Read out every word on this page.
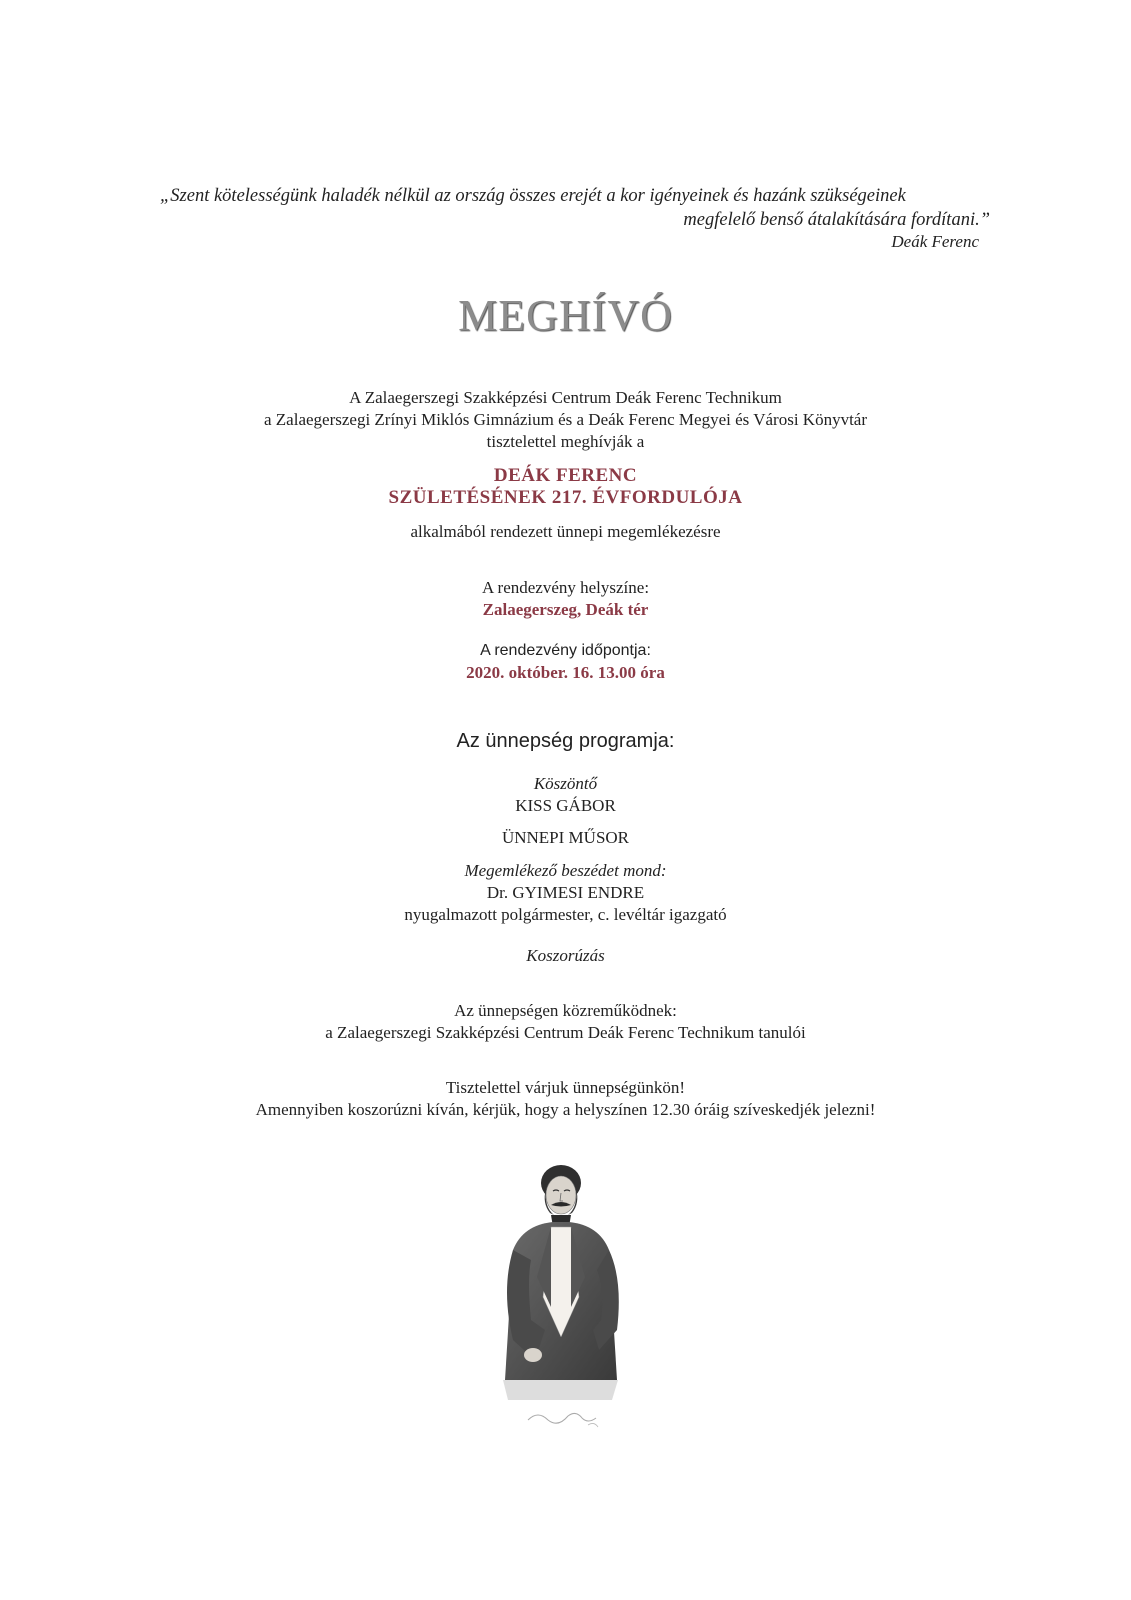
„Szent kötelességünk haladék nélkül az ország összes erejét a kor igényeinek és hazánk szükségeinek
megfelelő benső átalakítására fordítani.”
Deák Ferenc
MEGHÍVÓ
A Zalaegerszegi Szakképzési Centrum Deák Ferenc Technikum
a Zalaegerszegi Zrínyi Miklós Gimnázium és a Deák Ferenc Megyei és Városi Könyvtár
tisztelettel meghívják a
DEÁK FERENC
SZÜLETÉSÉNEK 217. ÉVFORDULÓJA
alkalmából rendezett ünnepi megemlékezésre
A rendezvény helyszíne:
Zalaegerszeg, Deák tér
A rendezvény időpontja:
2020. október. 16. 13.00 óra
Az ünnepség programja:
Köszöntő
KISS GÁBOR
ÜNNEPI MŰSOR
Megemlékező beszédet mond:
Dr. GYIMESI ENDRE
nyugalmazott polgármester, c. levéltár igazgató
Koszorúzás
Az ünnepségen közreműködnek:
a Zalaegerszegi Szakképzési Centrum Deák Ferenc Technikum tanulói
Tisztelettel várjuk ünnepségünkön!
Amennyiben koszorúzni kíván, kérjük, hogy a helyszínen 12.30 óráig szíveskedjék jelezni!
